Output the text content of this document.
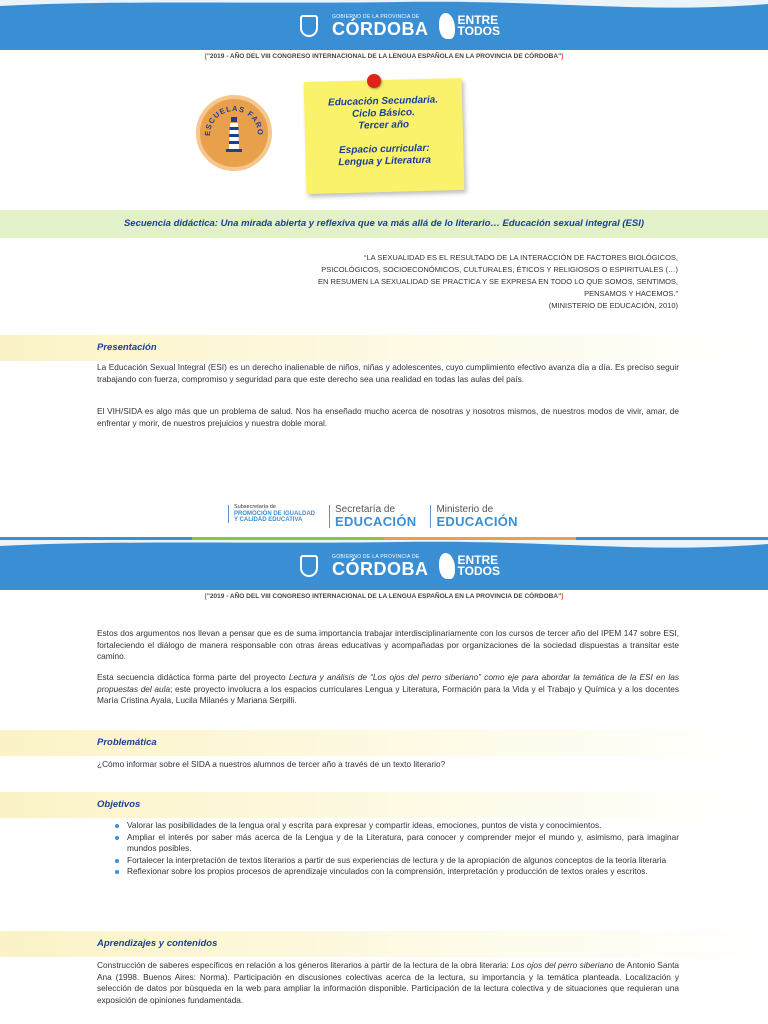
GOBIERNO DE LA PROVINCIA DE
CÓRDOBA ENTRE
TODOS
["2019 - AÑO DEL VIII CONGRESO INTERNACIONAL DE LA LENGUA ESPAÑOLA EN LA PROVINCIA DE CÓRDOBA"]
ESCUELAS FARO
Educación Secundaria.
Ciclo Básico.
Tercer año
Espacio curricular:
Lengua y Literatura
Secuencia didáctica: Una mirada abierta y reflexiva que va más allá de lo literario… Educación sexual integral (ESI)
“LA SEXUALIDAD ES EL RESULTADO DE LA INTERACCIÓN DE FACTORES BIOLÓGICOS,
PSICOLÓGICOS, SOCIOECONÓMICOS, CULTURALES, ÉTICOS Y RELIGIOSOS O ESPIRITUALES (…)
EN RESUMEN LA SEXUALIDAD SE PRACTICA Y SE EXPRESA EN TODO LO QUE SOMOS, SENTIMOS,
PENSAMOS Y HACEMOS.”
(MINISTERIO DE EDUCACIÓN, 2010)
Presentación

La Educación Sexual Integral (ESI) es un derecho inalienable de niños, niñas y adolescentes, cuyo cumplimiento efectivo avanza día a día. Es preciso seguir trabajando con fuerza, compromiso y seguridad para que este derecho sea una realidad en todas las aulas del país.

El VIH/SIDA es algo más que un problema de salud. Nos ha enseñado mucho acerca de nosotras y nosotros mismos, de nuestros modos de vivir, amar, de enfrentar y morir, de nuestros prejuicios y nuestra doble moral.

Subsecretaría de
PROMOCIÓN DE IGUALDAD
Y CALIDAD EDUCATIVA
Secretaría de
EDUCACIÓN
Ministerio de
EDUCACIÓN
GOBIERNO DE LA PROVINCIA DE
CÓRDOBA ENTRE
TODOS
["2019 - AÑO DEL VIII CONGRESO INTERNACIONAL DE LA LENGUA ESPAÑOLA EN LA PROVINCIA DE CÓRDOBA"]

Estos dos argumentos nos llevan a pensar que es de suma importancia trabajar interdisciplinariamente con los cursos de tercer año del IPEM 147 sobre ESI, fortaleciendo el diálogo de manera responsable con otras áreas educativas y acompañadas por organizaciones de la sociedad dispuestas a transitar este camino.

Esta secuencia didáctica forma parte del proyecto Lectura y análisis de “Los ojos del perro siberiano” como eje para abordar la temática de la ESI en las propuestas del aula; este proyecto involucra a los espacios curriculares Lengua y Literatura, Formación para la Vida y el Trabajo y Química y a los docentes María Cristina Ayala, Lucila Milanés y Mariana Serpilli.

Problemática

¿Cómo informar sobre el SIDA a nuestros alumnos de tercer año a través de un texto literario?

Objetivos
Valorar las posibilidades de la lengua oral y escrita para expresar y compartir ideas, emociones, puntos de vista y conocimientos.
Ampliar el interés por saber más acerca de la Lengua y de la Literatura, para conocer y comprender mejor el mundo y, asimismo, para imaginar mundos posibles.
Fortalecer la interpretación de textos literarios a partir de sus experiencias de lectura y de la apropiación de algunos conceptos de la teoría literaria
Reflexionar sobre los propios procesos de aprendizaje vinculados con la comprensión, interpretación y producción de textos orales y escritos.
Aprendizajes y contenidos

Construcción de saberes específicos en relación a los géneros literarios a partir de la lectura de la obra literaria: Los ojos del perro siberiano de Antonio Santa Ana (1998. Buenos Aires: Norma). Participación en discusiones colectivas acerca de la lectura, su importancia y la temática planteada. Localización y selección de datos por búsqueda en la web para ampliar la información disponible. Participación de la lectura colectiva y de situaciones que requieran una exposición de opiniones fundamentada.
